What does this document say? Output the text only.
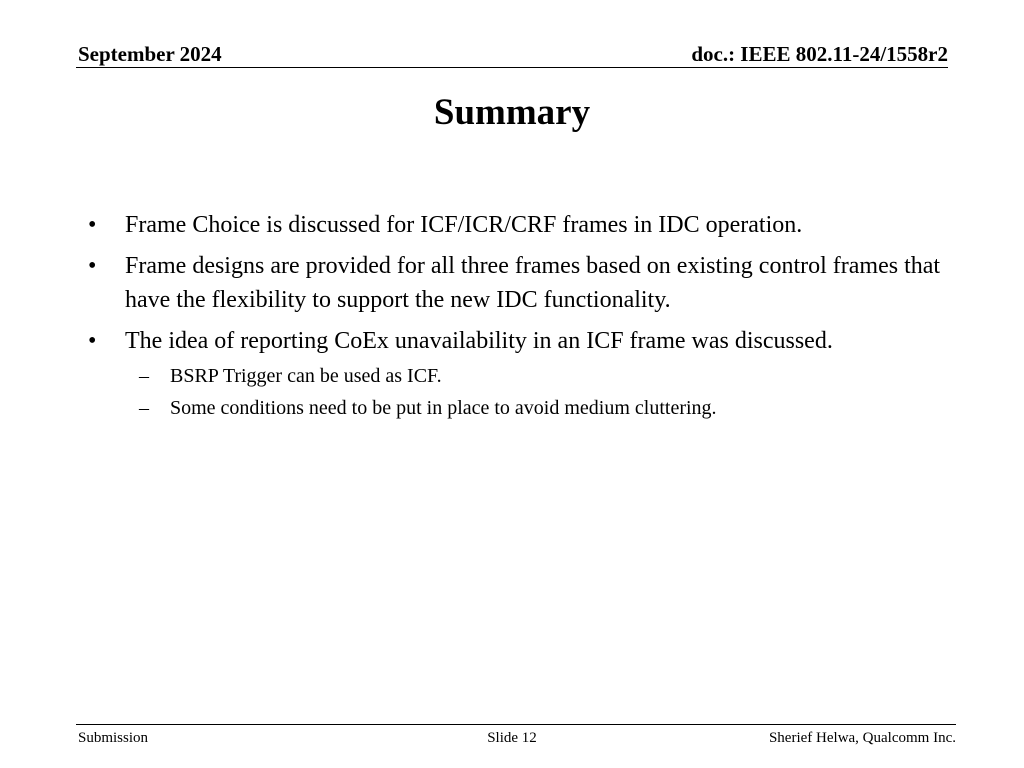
September 2024	doc.: IEEE 802.11-24/1558r2
Summary
•	Frame Choice is discussed for ICF/ICR/CRF frames in IDC operation.
•	Frame designs are provided for all three frames based on existing control frames that have the flexibility to support the new IDC functionality.
•	The idea of reporting CoEx unavailability in an ICF frame was discussed.
– BSRP Trigger can be used as ICF.
– Some conditions need to be put in place to avoid medium cluttering.
Submission	Slide 12	Sherief Helwa, Qualcomm Inc.
